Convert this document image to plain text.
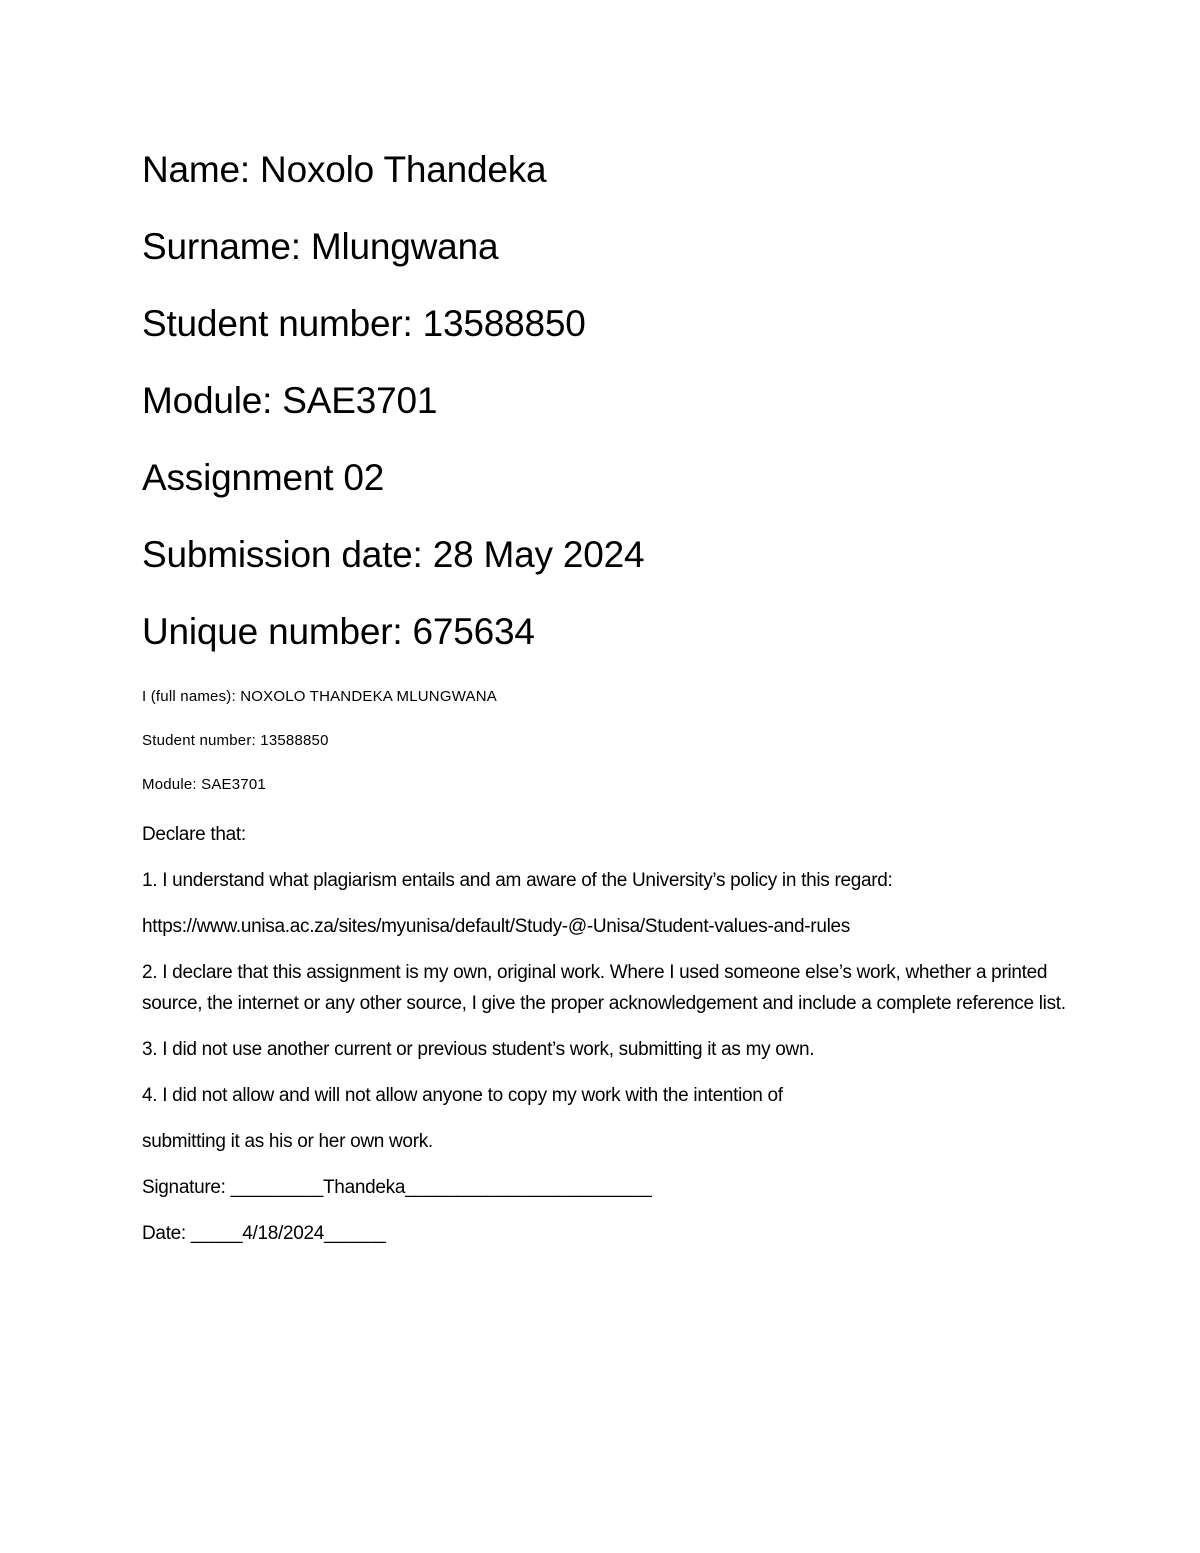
Name: Noxolo Thandeka
Surname: Mlungwana
Student number: 13588850
Module: SAE3701
Assignment 02
Submission date: 28 May 2024
Unique number: 675634
I (full names): NOXOLO THANDEKA MLUNGWANA
Student number: 13588850
Module: SAE3701
Declare that:
1. I understand what plagiarism entails and am aware of the University’s policy in this regard:
https://www.unisa.ac.za/sites/myunisa/default/Study-@-Unisa/Student-values-and-rules
2. I declare that this assignment is my own, original work. Where I used someone else’s work, whether a printed source, the internet or any other source, I give the proper acknowledgement and include a complete reference list.
3. I did not use another current or previous student’s work, submitting it as my own.
4. I did not allow and will not allow anyone to copy my work with the intention of
submitting it as his or her own work.
Signature: _________Thandeka________________________
Date: _____4/18/2024______
